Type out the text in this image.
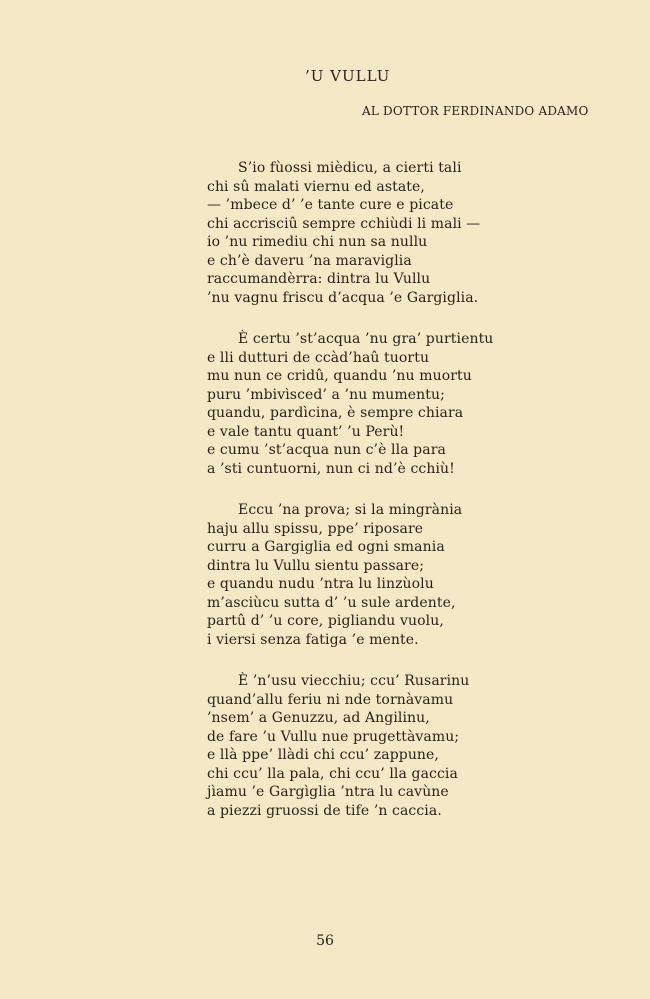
’U VULLU
AL DOTTOR FERDINANDO ADAMO
S’io fùossi mièdicu, a cierti tali
chi sû malati viernu ed astate,
— ’mbece d’ ’e tante cure e picate
chi accrisciû sempre cchiùdi li mali —
io ’nu rimediu chi nun sa nullu
e ch’è daveru ’na maraviglia
raccumandèrra: dintra lu Vullu
’nu vagnu friscu d’acqua ’e Gargiglia.
È certu ’st’acqua ’nu gra’ purtientu
e lli dutturi de ccàd’haû tuortu
mu nun ce cridû, quandu ’nu muortu
puru ’mbivìsced’ a ’nu mumentu;
quandu, pardìcina, è sempre chiara
e vale tantu quant’ ’u Perù!
e cumu ’st’acqua nun c’è lla para
a ’sti cuntuorni, nun ci nd’è cchiù!
Eccu ’na prova; si la mingrània
haju allu spissu, ppe’ riposare
curru a Gargiglia ed ogni smania
dintra lu Vullu sientu passare;
e quandu nudu ’ntra lu linzùolu
m’asciùcu sutta d’ ’u sule ardente,
partû d’ ’u core, pigliandu vuolu,
i viersi senza fatiga ’e mente.
È ’n’usu viecchiu; ccu’ Rusarinu
quand’allu feriu ni nde tornàvamu
’nsem’ a Genuzzu, ad Angilinu,
de fare ’u Vullu nue prugettàvamu;
e llà ppe’ llàdi chi ccu’ zappune,
chi ccu’ lla pala, chi ccu’ lla gaccia
jìamu ’e Gargìglia ’ntra lu cavùne
a piezzi gruossi de tife ’n caccia.
56
